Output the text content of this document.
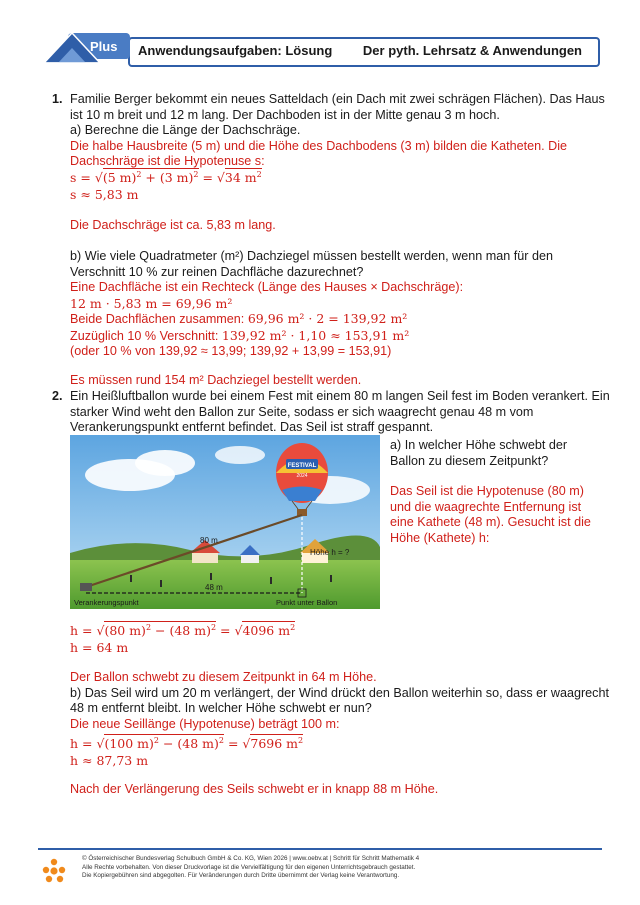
Plus Anwendungsaufgaben: Lösung Der pyth. Lehrsatz & Anwendungen
1. Familie Berger bekommt ein neues Satteldach (ein Dach mit zwei schrägen Flächen). Das Haus
ist 10 m breit und 12 m lang. Der Dachboden ist in der Mitte genau 3 m hoch.
a) Berechne die Länge der Dachschräge.
Die halbe Hausbreite (5 m) und die Höhe des Dachbodens (3 m) bilden die Katheten. Die
Dachschräge ist die Hypotenuse s:
s = √(5 m)$^2$ + (3 m)$^2$ = √34 $m^2$
s ≈ 5,83 m
Die Dachschräge ist ca. 5,83 m lang.
b) Wie viele Quadratmeter (m²) Dachziegel müssen bestellt werden, wenn man für den
Verschnitt 10 % zur reinen Dachfläche dazurechnet?
Eine Dachfläche ist ein Rechteck (Länge des Hauses × Dachschräge):
12 m · 5,83 m = 69,96 m²
Beide Dachflächen zusammen: 69,96 m² · 2 = 139,92 m²
Zuzüglich 10 % Verschnitt: 139,92 m² · 1,10 ≈ 153,91 m²
(oder 10 % von 139,92 ≈ 13,99; 139,92 + 13,99 = 153,91)
Es müssen rund 154 m² Dachziegel bestellt werden.
2. Ein Heißluftballon wurde bei einem Fest mit einem 80 m langen Seil fest im Boden verankert. Ein
starker Wind weht den Ballon zur Seite, sodass er sich waagrecht genau 48 m vom
Verankerungspunkt entfernt befindet. Das Seil ist straff gespannt.
FESTIVAL
2024
80 m
Höhe h = ?
48 m
Verankerungspunkt	Punkt unter Ballon
a) In welcher Höhe schwebt der
Ballon zu diesem Zeitpunkt?
Das Seil ist die Hypotenuse (80 m)
und die waagrechte Entfernung ist
eine Kathete (48 m). Gesucht ist die
Höhe (Kathete) h:
h = √(80 m)$^2$ − (48 m)$^2$ = √4096 $m^2$
h = 64 m
Der Ballon schwebt zu diesem Zeitpunkt in 64 m Höhe.
b) Das Seil wird um 20 m verlängert, der Wind drückt den Ballon weiterhin so, dass er waagrecht
48 m entfernt bleibt. In welcher Höhe schwebt er nun?
Die neue Seillänge (Hypotenuse) beträgt 100 m:
h = √(100 m)$^2$ − (48 m)$^2$ = √7696 $m^2$
h ≈ 87,73 m
Nach der Verlängerung des Seils schwebt er in knapp 88 m Höhe.
© Österreichischer Bundesverlag Schulbuch GmbH & Co. KG, Wien 2026 | www.oebv.at | Schritt für Schritt Mathematik 4
Alle Rechte vorbehalten. Von dieser Druckvorlage ist die Vervielfältigung für den eigenen Unterrichtsgebrauch gestattet.
Die Kopiergebühren sind abgegolten. Für Veränderungen durch Dritte übernimmt der Verlag keine Verantwortung.
